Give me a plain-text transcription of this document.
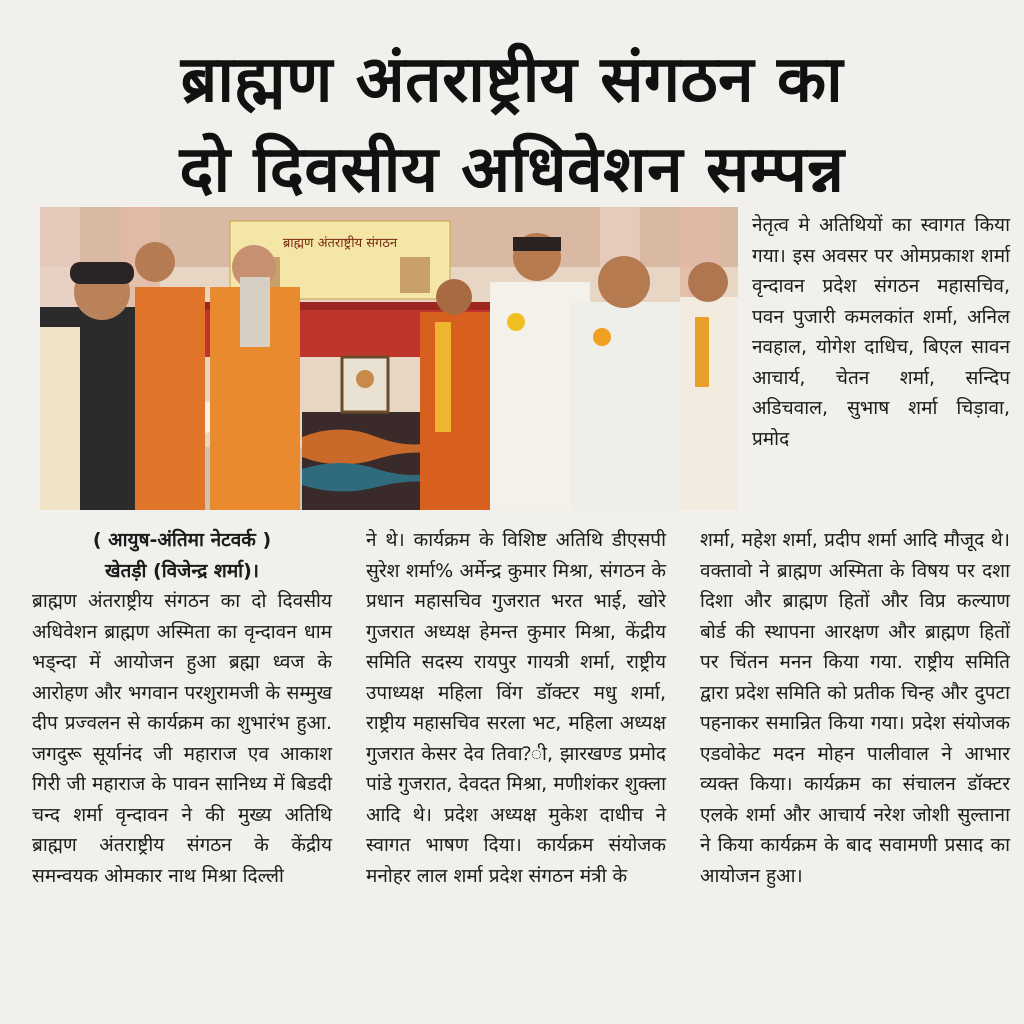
ब्राह्मण अंतराष्ट्रीय संगठन का
दो दिवसीय अधिवेशन सम्पन्न
ब्राह्मण अंतराष्ट्रीय संगठन

नेतृत्व मे अतिथियों का स्वागत किया गया। इस अवसर पर ओमप्रकाश शर्मा वृन्दावन प्रदेश संगठन महासचिव, पवन पुजारी कमलकांत शर्मा, अनिल नवहाल, योगेश दाधिच, बिएल सावन आचार्य, चेतन शर्मा, सन्दिप अडिचवाल, सुभाष शर्मा चिड़ावा, प्रमोद

( आयुष-अंतिमा नेटवर्क )
खेतड़ी (विजेन्द्र शर्मा)।

ब्राह्मण अंतराष्ट्रीय संगठन का दो दिवसीय अधिवेशन ब्राह्मण अस्मिता का वृन्दावन धाम भड्न्दा में आयोजन हुआ ब्रह्मा ध्वज के आरोहण और भगवान परशुरामजी के सम्मुख दीप प्रज्वलन से कार्यक्रम का शुभारंभ हुआ. जगदुरू सूर्यानंद जी महाराज एव आकाश गिरी जी महाराज के पावन सानिध्य में बिडदी चन्द शर्मा वृन्दावन ने की मुख्य अतिथि ब्राह्मण अंतराष्ट्रीय संगठन के केंद्रीय समन्वयक ओमकार नाथ मिश्रा दिल्ली

ने थे। कार्यक्रम के विशिष्ट अतिथि डीएसपी सुरेश शर्मा% अर्मेन्द्र कुमार मिश्रा, संगठन के प्रधान महासचिव गुजरात भरत भाई, खोरे गुजरात अध्यक्ष हेमन्त कुमार मिश्रा, केंद्रीय समिति सदस्य रायपुर गायत्री शर्मा, राष्ट्रीय उपाध्यक्ष महिला विंग डॉक्टर मधु शर्मा, राष्ट्रीय महासचिव सरला भट, महिला अध्यक्ष गुजरात केसर देव तिवा?ी, झारखण्ड प्रमोद पांडे गुजरात, देवदत मिश्रा, मणीशंकर शुक्ला आदि थे। प्रदेश अध्यक्ष मुकेश दाधीच ने स्वागत भाषण दिया। कार्यक्रम संयोजक मनोहर लाल शर्मा प्रदेश संगठन मंत्री के

शर्मा, महेश शर्मा, प्रदीप शर्मा आदि मौजूद थे। वक्तावो ने ब्राह्मण अस्मिता के विषय पर दशा दिशा और ब्राह्मण हितों और विप्र कल्याण बोर्ड की स्थापना आरक्षण और ब्राह्मण हितों पर चिंतन मनन किया गया. राष्ट्रीय समिति द्वारा प्रदेश समिति को प्रतीक चिन्ह और दुपटा पहनाकर समान्रित किया गया। प्रदेश संयोजक एडवोकेट मदन मोहन पालीवाल ने आभार व्यक्त किया। कार्यक्रम का संचालन डॉक्टर एलके शर्मा और आचार्य नरेश जोशी सुल्ताना ने किया कार्यक्रम के बाद सवामणी प्रसाद का आयोजन हुआ।
